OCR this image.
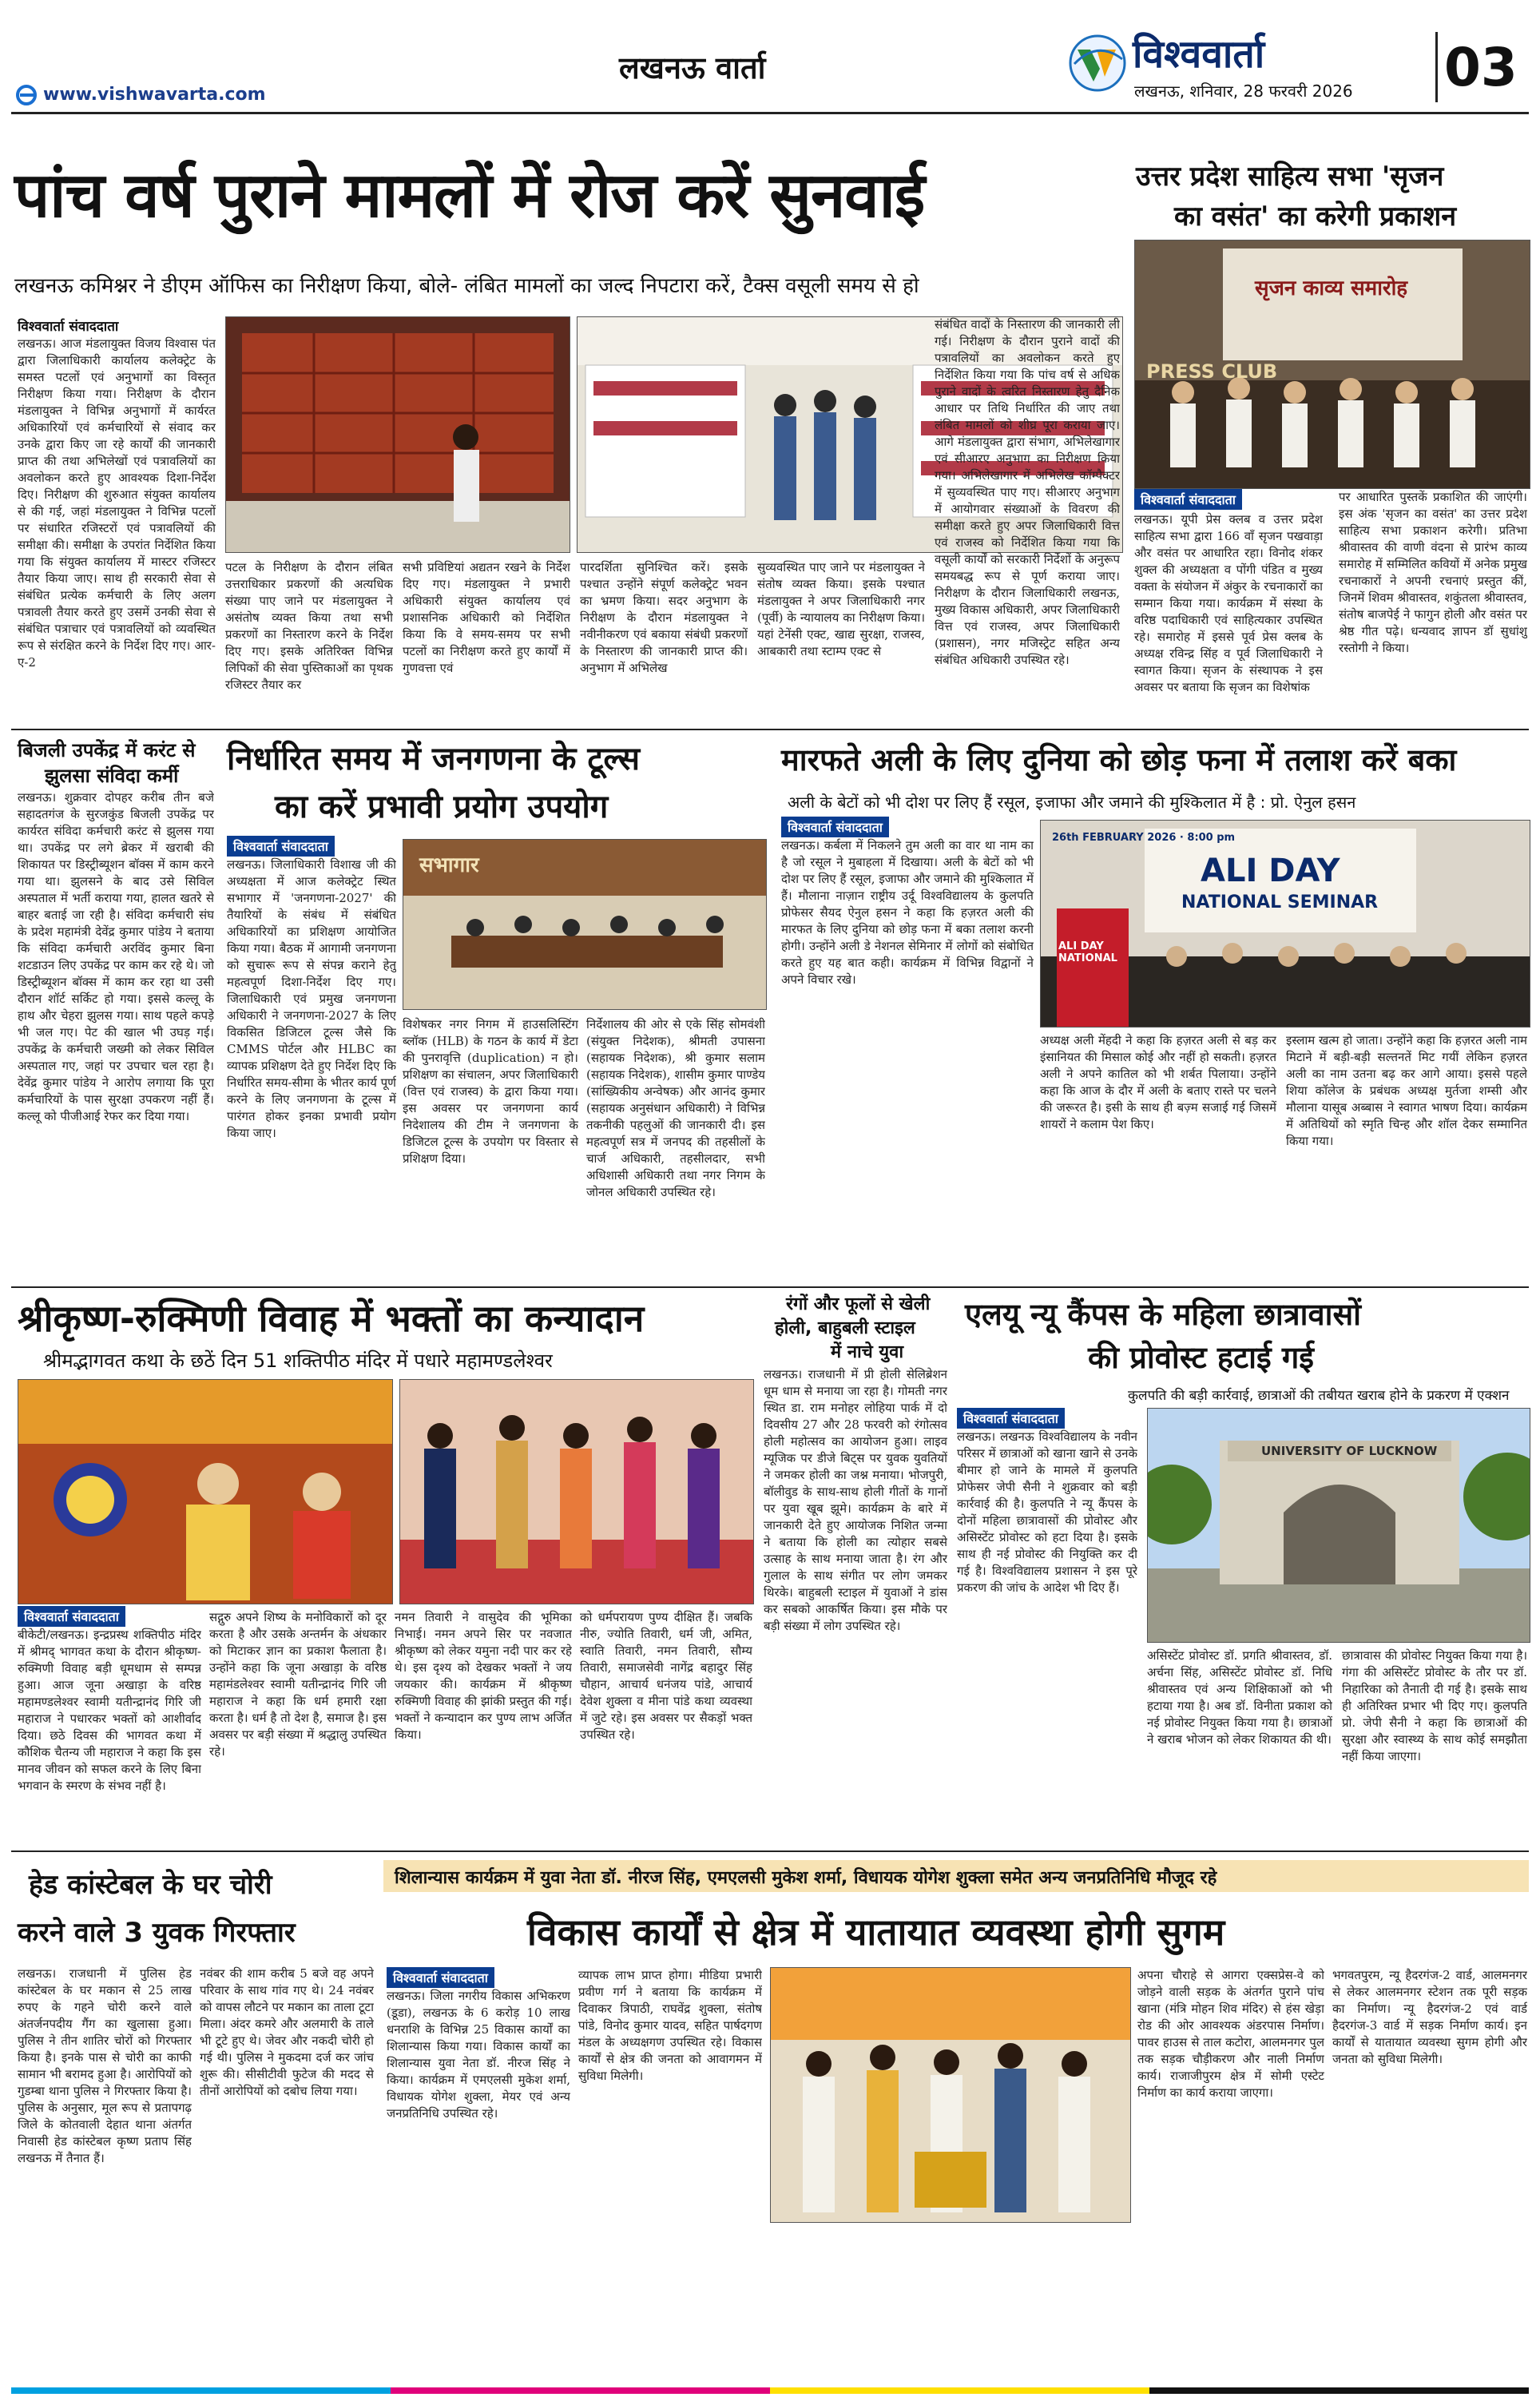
www.vishwavarta.com
लखनऊ वार्ता	विश्ववार्ता
लखनऊ, शनिवार, 28 फरवरी 2026 03
पांच वर्ष पुराने मामलों में रोज करें सुनवाई
लखनऊ कमिश्नर ने डीएम ऑफिस का निरीक्षण किया, बोले- लंबित मामलों का जल्द निपटारा करें, टैक्स वसूली समय से हो
विश्ववार्ता संवाददाता
लखनऊ। आज मंडलायुक्त विजय विश्वास पंत द्वारा जिलाधिकारी कार्यालय कलेक्ट्रेट के समस्त पटलों एवं अनुभागों का विस्तृत निरीक्षण किया गया। निरीक्षण के दौरान मंडलायुक्त ने विभिन्न अनुभागों में कार्यरत अधिकारियों एवं कर्मचारियों से संवाद कर उनके द्वारा किए जा रहे कार्यों की जानकारी प्राप्त की तथा अभिलेखों एवं पत्रावलियों का अवलोकन करते हुए आवश्यक दिशा-निर्देश दिए। निरीक्षण की शुरुआत संयुक्त कार्यालय से की गई, जहां मंडलायुक्त ने विभिन्न पटलों पर संधारित रजिस्टरों एवं पत्रावलियों की समीक्षा की। समीक्षा के उपरांत निर्देशित किया गया कि संयुक्त कार्यालय में मास्टर रजिस्टर तैयार किया जाए। साथ ही सरकारी सेवा से संबंधित प्रत्येक कर्मचारी के लिए अलग पत्रावली तैयार करते हुए उसमें उनकी सेवा से संबंधित पत्राचार एवं पत्रावलियों को व्यवस्थित रूप से संरक्षित करने के निर्देश दिए गए। आर-ए-2
पटल के निरीक्षण के दौरान लंबित उत्तराधिकार प्रकरणों की अत्यधिक संख्या पाए जाने पर मंडलायुक्त ने असंतोष व्यक्त किया तथा सभी प्रकरणों का निस्तारण करने के निर्देश दिए गए। इसके अतिरिक्त विभिन्न लिपिकों की सेवा पुस्तिकाओं का पृथक रजिस्टर तैयार कर
सभी प्रविष्टियां अद्यतन रखने के निर्देश दिए गए। मंडलायुक्त ने प्रभारी अधिकारी संयुक्त कार्यालय एवं प्रशासनिक अधिकारी को निर्देशित किया कि वे समय-समय पर सभी पटलों का निरीक्षण करते हुए कार्यों में गुणवत्ता एवं
पारदर्शिता सुनिश्चित करें। इसके पश्चात उन्होंने संपूर्ण कलेक्ट्रेट भवन का भ्रमण किया। सदर अनुभाग के निरीक्षण के दौरान मंडलायुक्त ने नवीनीकरण एवं बकाया संबंधी प्रकरणों के निस्तारण की जानकारी प्राप्त की। अनुभाग में अभिलेख
सुव्यवस्थित पाए जाने पर मंडलायुक्त ने संतोष व्यक्त किया। इसके पश्चात मंडलायुक्त ने अपर जिलाधिकारी नगर (पूर्वी) के न्यायालय का निरीक्षण किया। यहां टेनेंसी एक्ट, खाद्य सुरक्षा, राजस्व, आबकारी तथा स्टाम्प एक्ट से
संबंधित वादों के निस्तारण की जानकारी ली गई। निरीक्षण के दौरान पुराने वादों की पत्रावलियों का अवलोकन करते हुए निर्देशित किया गया कि पांच वर्ष से अधिक पुराने वादों के त्वरित निस्तारण हेतु दैनिक आधार पर तिथि निर्धारित की जाए तथा लंबित मामलों को शीघ्र पूरा कराया जाए। आगे मंडलायुक्त द्वारा संभाग, अभिलेखागार एवं सीआरए अनुभाग का निरीक्षण किया गया। अभिलेखागार में अभिलेख कॉम्पैक्टर में सुव्यवस्थित पाए गए। सीआरए अनुभाग में आयोगवार संख्याओं के विवरण की समीक्षा करते हुए अपर जिलाधिकारी वित्त एवं राजस्व को निर्देशित किया गया कि वसूली कार्यों को सरकारी निर्देशों के अनुरूप समयबद्ध रूप से पूर्ण कराया जाए। निरीक्षण के दौरान जिलाधिकारी लखनऊ, मुख्य विकास अधिकारी, अपर जिलाधिकारी वित्त एवं राजस्व, अपर जिलाधिकारी (प्रशासन), नगर मजिस्ट्रेट सहित अन्य संबंधित अधिकारी उपस्थित रहे।
उत्तर प्रदेश साहित्य सभा 'सृजन
का वसंत' का करेगी प्रकाशन
सृजन काव्य समारोह
PRESS CLUB
विश्ववार्ता संवाददाता
लखनऊ। यूपी प्रेस क्लब व उत्तर प्रदेश साहित्य सभा द्वारा 166 वाँ सृजन पखवाड़ा और वसंत पर आधारित रहा। विनोद शंकर शुक्ल की अध्यक्षता व पोंगी पंडित व मुख्य वक्ता के संयोजन में अंकुर के रचनाकारों का सम्मान किया गया। कार्यक्रम में संस्था के वरिष्ठ पदाधिकारी एवं साहित्यकार उपस्थित रहे। समारोह में इससे पूर्व प्रेस क्लब के अध्यक्ष रविन्द्र सिंह व पूर्व जिलाधिकारी ने स्वागत किया। सृजन के संस्थापक ने इस अवसर पर बताया कि सृजन का विशेषांक
पर आधारित पुस्तकें प्रकाशित की जाएंगी। इस अंक 'सृजन का वसंत' का उत्तर प्रदेश साहित्य सभा प्रकाशन करेगी। प्रतिभा श्रीवास्तव की वाणी वंदना से प्रारंभ काव्य समारोह में सम्मिलित कवियों में अनेक प्रमुख रचनाकारों ने अपनी रचनाएं प्रस्तुत कीं, जिनमें शिवम श्रीवास्तव, शकुंतला श्रीवास्तव, संतोष बाजपेई ने फागुन होली और वसंत पर श्रेष्ठ गीत पढ़े। धन्यवाद ज्ञापन डॉ सुधांशु रस्तोगी ने किया।
बिजली उपकेंद्र में करंट से
झुलसा संविदा कर्मी
लखनऊ। शुक्रवार दोपहर करीब तीन बजे सहादतगंज के सुरजकुंड बिजली उपकेंद्र पर कार्यरत संविदा कर्मचारी करंट से झुलस गया था। उपकेंद्र पर लगे ब्रेकर में खराबी की शिकायत पर डिस्ट्रीब्यूशन बॉक्स में काम करने गया था। झुलसने के बाद उसे सिविल अस्पताल में भर्ती कराया गया, हालत खतरे से बाहर बताई जा रही है। संविदा कर्मचारी संघ के प्रदेश महामंत्री देवेंद्र कुमार पांडेय ने बताया कि संविदा कर्मचारी अरविंद कुमार बिना शटडाउन लिए उपकेंद्र पर काम कर रहे थे। जो डिस्ट्रीब्यूशन बॉक्स में काम कर रहा था उसी दौरान शॉर्ट सर्किट हो गया। इससे कल्लू के हाथ और चेहरा झुलस गया। साथ पहले कपड़े भी जल गए। पेट की खाल भी उघड़ गई। उपकेंद्र के कर्मचारी जख्मी को लेकर सिविल अस्पताल गए, जहां पर उपचार चल रहा है। देवेंद्र कुमार पांडेय ने आरोप लगाया कि पूरा कर्मचारियों के पास सुरक्षा उपकरण नहीं हैं। कल्लू को पीजीआई रेफर कर दिया गया।
निर्धारित समय में जनगणना के टूल्स
का करें प्रभावी प्रयोग उपयोग
विश्ववार्ता संवाददाता
लखनऊ। जिलाधिकारी विशाख जी की अध्यक्षता में आज कलेक्ट्रेट स्थित सभागार में 'जनगणना-2027' की तैयारियों के संबंध में संबंधित अधिकारियों का प्रशिक्षण आयोजित किया गया। बैठक में आगामी जनगणना को सुचारू रूप से संपन्न कराने हेतु महत्वपूर्ण दिशा-निर्देश दिए गए। जिलाधिकारी एवं प्रमुख जनगणना अधिकारी ने जनगणना-2027 के लिए विकसित डिजिटल टूल्स जैसे कि CMMS पोर्टल और HLBC का व्यापक प्रशिक्षण देते हुए निर्देश दिए कि निर्धारित समय-सीमा के भीतर कार्य पूर्ण करने के लिए जनगणना के टूल्स में पारंगत होकर इनका प्रभावी प्रयोग किया जाए।
सभागार
निर्देशालय की ओर से एके सिंह सोमवंशी (संयुक्त निदेशक), श्रीमती उपासना (सहायक निदेशक), श्री कुमार सलाम (सहायक निदेशक), शासीम कुमार पाण्डेय (सांख्यिकीय अन्वेषक) और आनंद कुमार (सहायक अनुसंधान अधिकारी) ने विभिन्न तकनीकी पहलुओं की जानकारी दी। इस महत्वपूर्ण सत्र में जनपद की तहसीलों के चार्ज अधिकारी, तहसीलदार, सभी अधिशासी अधिकारी तथा नगर निगम के जोनल अधिकारी उपस्थित रहे।
विशेषकर नगर निगम में हाउसलिस्टिंग ब्लॉक (HLB) के गठन के कार्य में डेटा की पुनरावृत्ति (duplication) न हो। प्रशिक्षण का संचालन, अपर जिलाधिकारी (वित्त एवं राजस्व) के द्वारा किया गया। इस अवसर पर जनगणना कार्य निदेशालय की टीम ने जनगणना के डिजिटल टूल्स के उपयोग पर विस्तार से प्रशिक्षण दिया।
मारफते अली के लिए दुनिया को छोड़ फना में तलाश करें बका
अली के बेटों को भी दोश पर लिए हैं रसूल, इजाफा और जमाने की मुश्किलात में है : प्रो. ऐनुल हसन
विश्ववार्ता संवाददाता
लखनऊ। कर्बला में निकलने तुम अली का वार था नाम का है जो रसूल ने मुबाहला में दिखाया। अली के बेटों को भी दोश पर लिए हैं रसूल, इजाफा और जमाने की मुश्किलात में हैं। मौलाना नाज़ान राष्ट्रीय उर्दू विश्वविद्यालय के कुलपति प्रोफेसर सैयद ऐनुल हसन ने कहा कि हज़रत अली की मारफत के लिए दुनिया को छोड़ फना में बका तलाश करनी होगी। उन्होंने अली डे नेशनल सेमिनार में लोगों को संबोधित करते हुए यह बात कही। कार्यक्रम में विभिन्न विद्वानों ने अपने विचार रखे।
ALI DAY
NATIONAL SEMINAR
26th FEBRUARY 2026 · 8:00 pm
ALI DAY NATIONAL
अध्यक्ष अली मेंहदी ने कहा कि हज़रत अली से बड़ कर इंसानियत की मिसाल कोई और नहीं हो सकती। हज़रत अली ने अपने कातिल को भी शर्बत पिलाया। उन्होंने कहा कि आज के दौर में अली के बताए रास्ते पर चलने की जरूरत है। इसी के साथ ही बज़्म सजाई गई जिसमें शायरों ने कलाम पेश किए।
इस्लाम खत्म हो जाता। उन्होंने कहा कि हज़रत अली नाम मिटाने में बड़ी-बड़ी सल्तनतें मिट गयीं लेकिन हज़रत अली का नाम उतना बढ़ कर आगे आया। इससे पहले शिया कॉलेज के प्रबंधक अध्यक्ष मुर्तजा शम्सी और मौलाना यासूब अब्बास ने स्वागत भाषण दिया। कार्यक्रम में अतिथियों को स्मृति चिन्ह और शॉल देकर सम्मानित किया गया।
श्रीकृष्ण-रुक्मिणी विवाह में भक्तों का कन्यादान
श्रीमद्भागवत कथा के छठें दिन 51 शक्तिपीठ मंदिर में पधारे महामण्डलेश्वर
विश्ववार्ता संवाददाता
बीकेटी/लखनऊ। इन्द्रप्रस्थ शक्तिपीठ मंदिर में श्रीमद् भागवत कथा के दौरान श्रीकृष्ण-रुक्मिणी विवाह बड़ी धूमधाम से सम्पन्न हुआ। आज जूना अखाड़ा के वरिष्ठ महामण्डलेश्वर स्वामी यतीन्द्रानंद गिरि जी महाराज ने पधारकर भक्तों को आशीर्वाद दिया। छठे दिवस की भागवत कथा में कौशिक चैतन्य जी महाराज ने कहा कि इस मानव जीवन को सफल करने के लिए बिना भगवान के स्मरण के संभव नहीं है।
सद्गुरु अपने शिष्य के मनोविकारों को दूर करता है और उसके अन्तर्मन के अंधकार को मिटाकर ज्ञान का प्रकाश फैलाता है। उन्होंने कहा कि जूना अखाड़ा के वरिष्ठ महामंडलेश्वर स्वामी यतीन्द्रानंद गिरि जी महाराज ने कहा कि धर्म हमारी रक्षा करता है। धर्म है तो देश है, समाज है। इस अवसर पर बड़ी संख्या में श्रद्धालु उपस्थित रहे।
नमन तिवारी ने वासुदेव की भूमिका निभाई। नमन अपने सिर पर नवजात श्रीकृष्ण को लेकर यमुना नदी पार कर रहे थे। इस दृश्य को देखकर भक्तों ने जय जयकार की। कार्यक्रम में श्रीकृष्ण रुक्मिणी विवाह की झांकी प्रस्तुत की गई। भक्तों ने कन्यादान कर पुण्य लाभ अर्जित किया।
को धर्मपरायण पुण्य दीक्षित हैं। जबकि नीरु, ज्योति तिवारी, धर्म जी, अमित, स्वाति तिवारी, नमन तिवारी, सौम्य तिवारी, समाजसेवी नागेंद्र बहादुर सिंह चौहान, आचार्य धनंजय पांडे, आचार्य देवेश शुक्ला व मीना पांडे कथा व्यवस्था में जुटे रहे। इस अवसर पर सैकड़ों भक्त उपस्थित रहे।
रंगों और फूलों से खेली
होली, बाहुबली स्टाइल
में नाचे युवा
लखनऊ। राजधानी में प्री होली सेलिब्रेशन धूम धाम से मनाया जा रहा है। गोमती नगर स्थित डा. राम मनोहर लोहिया पार्क में दो दिवसीय 27 और 28 फरवरी को रंगोत्सव होली महोत्सव का आयोजन हुआ। लाइव म्यूजिक पर डीजे बिट्स पर युवक युवतियों ने जमकर होली का जश्न मनाया। भोजपुरी, बॉलीवुड के साथ-साथ होली गीतों के गानों पर युवा खूब झूमे। कार्यक्रम के बारे में जानकारी देते हुए आयोजक निशित जन्मा ने बताया कि होली का त्योहार सबसे उत्साह के साथ मनाया जाता है। रंग और गुलाल के साथ संगीत पर लोग जमकर थिरके। बाहुबली स्टाइल में युवाओं ने डांस कर सबको आकर्षित किया। इस मौके पर बड़ी संख्या में लोग उपस्थित रहे।
एलयू न्यू कैंपस के महिला छात्रावासों
की प्रोवोस्ट हटाई गई
कुलपति की बड़ी कार्रवाई, छात्राओं की तबीयत खराब होने के प्रकरण में एक्शन
विश्ववार्ता संवाददाता
लखनऊ। लखनऊ विश्वविद्यालय के नवीन परिसर में छात्राओं को खाना खाने से उनके बीमार हो जाने के मामले में कुलपति प्रोफेसर जेपी सैनी ने शुक्रवार को बड़ी कार्रवाई की है। कुलपति ने न्यू कैंपस के दोनों महिला छात्रावासों की प्रोवोस्ट और असिस्टेंट प्रोवोस्ट को हटा दिया है। इसके साथ ही नई प्रोवोस्ट की नियुक्ति कर दी गई है। विश्वविद्यालय प्रशासन ने इस पूरे प्रकरण की जांच के आदेश भी दिए हैं।
UNIVERSITY OF LUCKNOW
असिस्टेंट प्रोवोस्ट डॉ. प्रगति श्रीवास्तव, डॉ. अर्चना सिंह, असिस्टेंट प्रोवोस्ट डॉ. निधि श्रीवास्तव एवं अन्य शिक्षिकाओं को भी हटाया गया है। अब डॉ. विनीता प्रकाश को नई प्रोवोस्ट नियुक्त किया गया है। छात्राओं ने खराब भोजन को लेकर शिकायत की थी।
छात्रावास की प्रोवोस्ट नियुक्त किया गया है। गंगा की असिस्टेंट प्रोवोस्ट के तौर पर डॉ. निहारिका को तैनाती दी गई है। इसके साथ ही अतिरिक्त प्रभार भी दिए गए। कुलपति प्रो. जेपी सैनी ने कहा कि छात्राओं की सुरक्षा और स्वास्थ्य के साथ कोई समझौता नहीं किया जाएगा।
हेड कांस्टेबल के घर चोरी
करने वाले 3 युवक गिरफ्तार
लखनऊ। राजधानी में पुलिस हेड कांस्टेबल के घर मकान से 25 लाख रुपए के गहने चोरी करने वाले अंतर्जनपदीय गैंग का खुलासा हुआ। पुलिस ने तीन शातिर चोरों को गिरफ्तार किया है। इनके पास से चोरी का काफी सामान भी बरामद हुआ है। आरोपियों को गुडम्बा थाना पुलिस ने गिरफ्तार किया है। पुलिस के अनुसार, मूल रूप से प्रतापगढ़ जिले के कोतवाली देहात थाना अंतर्गत निवासी हेड कांस्टेबल कृष्ण प्रताप सिंह लखनऊ में तैनात हैं।
नवंबर की शाम करीब 5 बजे वह अपने परिवार के साथ गांव गए थे। 24 नवंबर को वापस लौटने पर मकान का ताला टूटा मिला। अंदर कमरे और अलमारी के ताले भी टूटे हुए थे। जेवर और नकदी चोरी हो गई थी। पुलिस ने मुकदमा दर्ज कर जांच शुरू की। सीसीटीवी फुटेज की मदद से तीनों आरोपियों को दबोच लिया गया।
शिलान्यास कार्यक्रम में युवा नेता डॉ. नीरज सिंह, एमएलसी मुकेश शर्मा, विधायक योगेश शुक्ला समेत अन्य जनप्रतिनिधि मौजूद रहे
विकास कार्यों से क्षेत्र में यातायात व्यवस्था होगी सुगम
विश्ववार्ता संवाददाता
लखनऊ। जिला नगरीय विकास अभिकरण (डूडा), लखनऊ के 6 करोड़ 10 लाख धनराशि के विभिन्न 25 विकास कार्यों का शिलान्यास किया गया। विकास कार्यों का शिलान्यास युवा नेता डॉ. नीरज सिंह ने किया। कार्यक्रम में एमएलसी मुकेश शर्मा, विधायक योगेश शुक्ला, मेयर एवं अन्य जनप्रतिनिधि उपस्थित रहे।
व्यापक लाभ प्राप्त होगा। मीडिया प्रभारी प्रवीण गर्ग ने बताया कि कार्यक्रम में दिवाकर त्रिपाठी, राघवेंद्र शुक्ला, संतोष पांडे, विनोद कुमार यादव, सहित पार्षदगण मंडल के अध्यक्षगण उपस्थित रहे। विकास कार्यों से क्षेत्र की जनता को आवागमन में सुविधा मिलेगी।
अपना चौराहे से आगरा एक्सप्रेस-वे को जोड़ने वाली सड़क के अंतर्गत पुराने पांच खाना (मंत्रि मोहन शिव मंदिर) से हंस खेड़ा रोड की ओर आवश्यक अंडरपास निर्माण। पावर हाउस से ताल कटोरा, आलमनगर पुल तक सड़क चौड़ीकरण और नाली निर्माण कार्य। राजाजीपुरम क्षेत्र में सोमी एस्टेट निर्माण का कार्य कराया जाएगा।
भगवतपुरम, न्यू हैदरगंज-2 वार्ड, आलमनगर से लेकर आलमनगर स्टेशन तक पूरी सड़क का निर्माण। न्यू हैदरगंज-2 एवं वार्ड हैदरगंज-3 वार्ड में सड़क निर्माण कार्य। इन कार्यों से यातायात व्यवस्था सुगम होगी और जनता को सुविधा मिलेगी।
